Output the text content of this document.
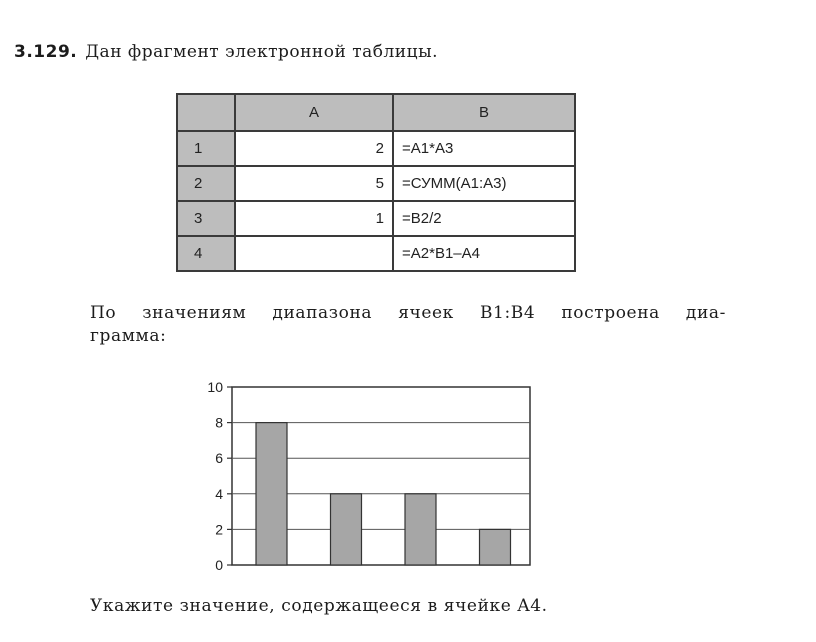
3.129. Дан фрагмент электронной таблицы.
	A	B
1	2	=A1*A3
2	5	=СУММ(A1:A3)
3	1	=B2/2
4		=A2*B1–A4
По значениям диапазона ячеек B1:B4 построена диа-
грамма:
0
2
4
6
8
10
Укажите значение, содержащееся в ячейке A4.
